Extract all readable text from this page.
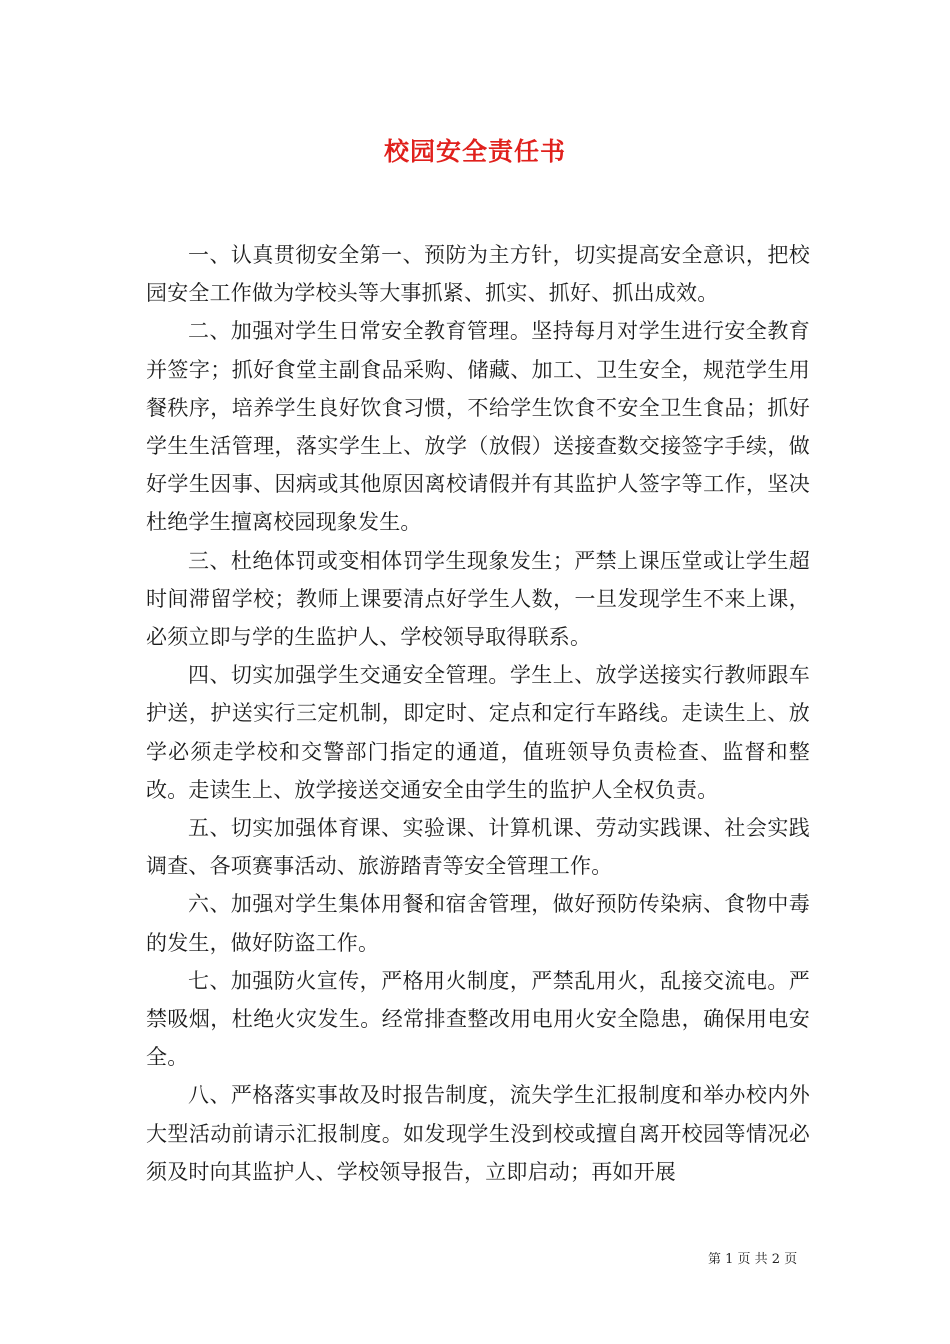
校园安全责任书

一、认真贯彻安全第一、预防为主方针，切实提高安全意识，把校园安全工作做为学校头等大事抓紧、抓实、抓好、抓出成效。

二、加强对学生日常安全教育管理。坚持每月对学生进行安全教育并签字；抓好食堂主副食品采购、储藏、加工、卫生安全，规范学生用餐秩序，培养学生良好饮食习惯，不给学生饮食不安全卫生食品；抓好学生生活管理，落实学生上、放学（放假）送接查数交接签字手续，做好学生因事、因病或其他原因离校请假并有其监护人签字等工作，坚决杜绝学生擅离校园现象发生。

三、杜绝体罚或变相体罚学生现象发生；严禁上课压堂或让学生超时间滞留学校；教师上课要清点好学生人数，一旦发现学生不来上课，必须立即与学的生监护人、学校领导取得联系。

四、切实加强学生交通安全管理。学生上、放学送接实行教师跟车护送，护送实行三定机制，即定时、定点和定行车路线。走读生上、放学必须走学校和交警部门指定的通道，值班领导负责检查、监督和整改。走读生上、放学接送交通安全由学生的监护人全权负责。

五、切实加强体育课、实验课、计算机课、劳动实践课、社会实践调查、各项赛事活动、旅游踏青等安全管理工作。

六、加强对学生集体用餐和宿舍管理，做好预防传染病、食物中毒的发生，做好防盗工作。

七、加强防火宣传，严格用火制度，严禁乱用火，乱接交流电。严禁吸烟，杜绝火灾发生。经常排查整改用电用火安全隐患，确保用电安全。

八、严格落实事故及时报告制度，流失学生汇报制度和举办校内外大型活动前请示汇报制度。如发现学生没到校或擅自离开校园等情况必须及时向其监护人、学校领导报告，立即启动；再如开展

第 1 页 共 2 页
